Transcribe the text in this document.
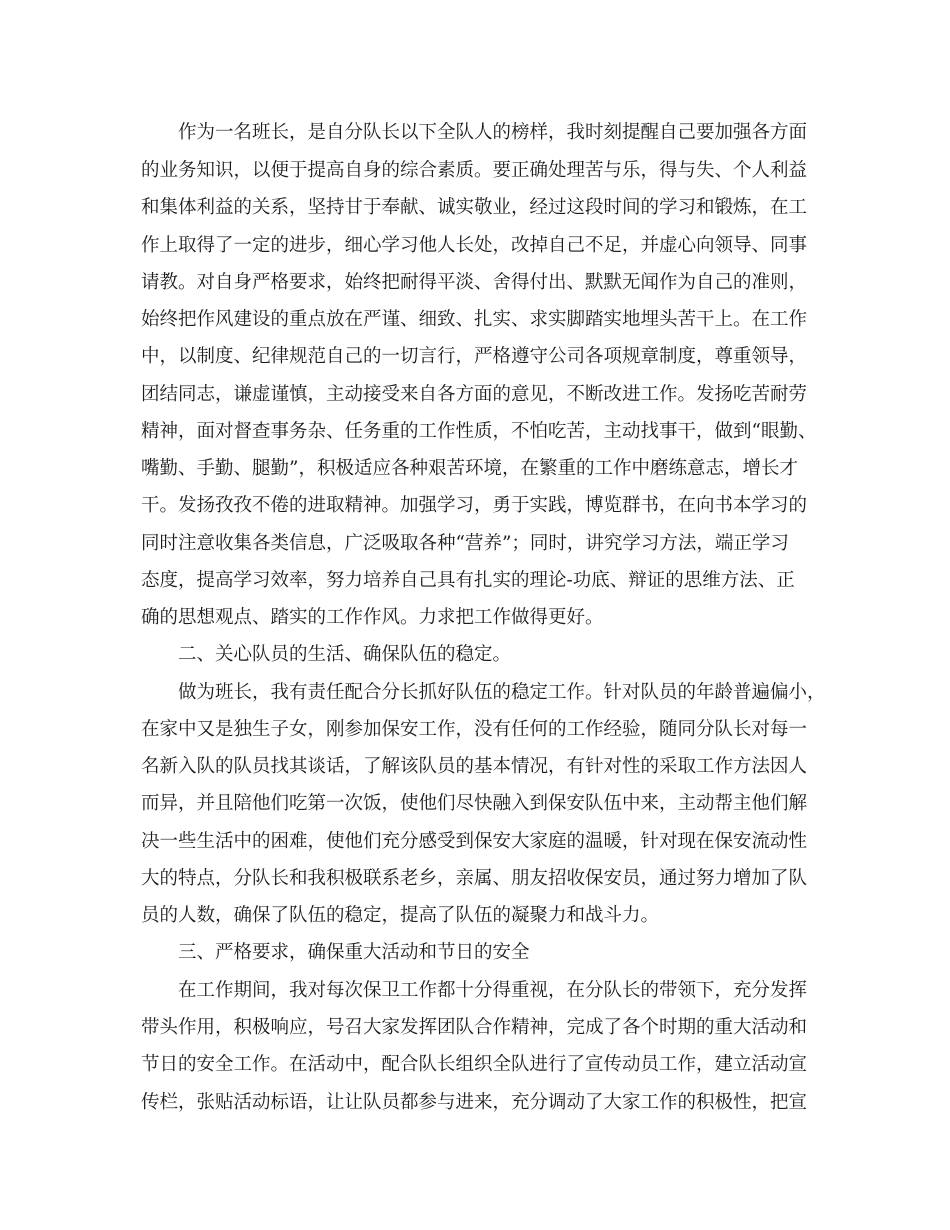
作为一名班长，是自分队长以下全队人的榜样，我时刻提醒自己要加强各方面
的业务知识，以便于提高自身的综合素质。要正确处理苦与乐，得与失、个人利益
和集体利益的关系，坚持甘于奉献、诚实敬业，经过这段时间的学习和锻炼，在工
作上取得了一定的进步，细心学习他人长处，改掉自己不足，并虚心向领导、同事
请教。对自身严格要求，始终把耐得平淡、舍得付出、默默无闻作为自己的准则，
始终把作风建设的重点放在严谨、细致、扎实、求实脚踏实地埋头苦干上。在工作
中，以制度、纪律规范自己的一切言行，严格遵守公司各项规章制度，尊重领导，
团结同志，谦虚谨慎，主动接受来自各方面的意见，不断改进工作。发扬吃苦耐劳
精神，面对督查事务杂、任务重的工作性质，不怕吃苦，主动找事干，做到“眼勤、
嘴勤、手勤、腿勤”，积极适应各种艰苦环境，在繁重的工作中磨练意志，增长才
干。发扬孜孜不倦的进取精神。加强学习，勇于实践，博览群书，在向书本学习的
同时注意收集各类信息，广泛吸取各种“营养”；同时，讲究学习方法，端正学习
态度，提高学习效率，努力培养自己具有扎实的理论-功底、辩证的思维方法、正
确的思想观点、踏实的工作作风。力求把工作做得更好。
二、关心队员的生活、确保队伍的稳定。
做为班长，我有责任配合分长抓好队伍的稳定工作。针对队员的年龄普遍偏小，
在家中又是独生子女，刚参加保安工作，没有任何的工作经验，随同分队长对每一
名新入队的队员找其谈话，了解该队员的基本情况，有针对性的采取工作方法因人
而异，并且陪他们吃第一次饭，使他们尽快融入到保安队伍中来，主动帮主他们解
决一些生活中的困难，使他们充分感受到保安大家庭的温暖，针对现在保安流动性
大的特点，分队长和我积极联系老乡，亲属、朋友招收保安员，通过努力增加了队
员的人数，确保了队伍的稳定，提高了队伍的凝聚力和战斗力。
三、严格要求，确保重大活动和节日的安全
在工作期间，我对每次保卫工作都十分得重视，在分队长的带领下，充分发挥
带头作用，积极响应，号召大家发挥团队合作精神，完成了各个时期的重大活动和
节日的安全工作。在活动中，配合队长组织全队进行了宣传动员工作，建立活动宣
传栏，张贴活动标语，让让队员都参与进来，充分调动了大家工作的积极性，把宣
